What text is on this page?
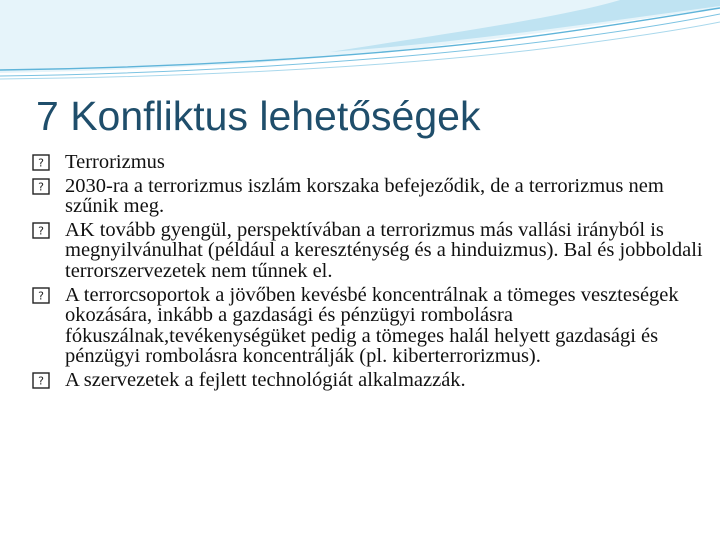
7 Konfliktus lehetőségek
? Terrorizmus
? 2030-ra a terrorizmus iszlám korszaka befejeződik, de a terrorizmus nem szűnik meg.
? AK tovább gyengül, perspektívában a terrorizmus más vallási irányból is megnyilvánulhat (például a kereszténység és a hinduizmus). Bal és jobboldali terrorszervezetek nem tűnnek el.
? A terrorcsoportok a jövőben kevésbé koncentrálnak a tömeges veszteségek okozására, inkább a gazdasági és pénzügyi rombolásra fókuszálnak,tevékenységüket pedig a tömeges halál helyett gazdasági és pénzügyi rombolásra koncentrálják (pl. kiberterrorizmus).
? A szervezetek a fejlett technológiát alkalmazzák.
